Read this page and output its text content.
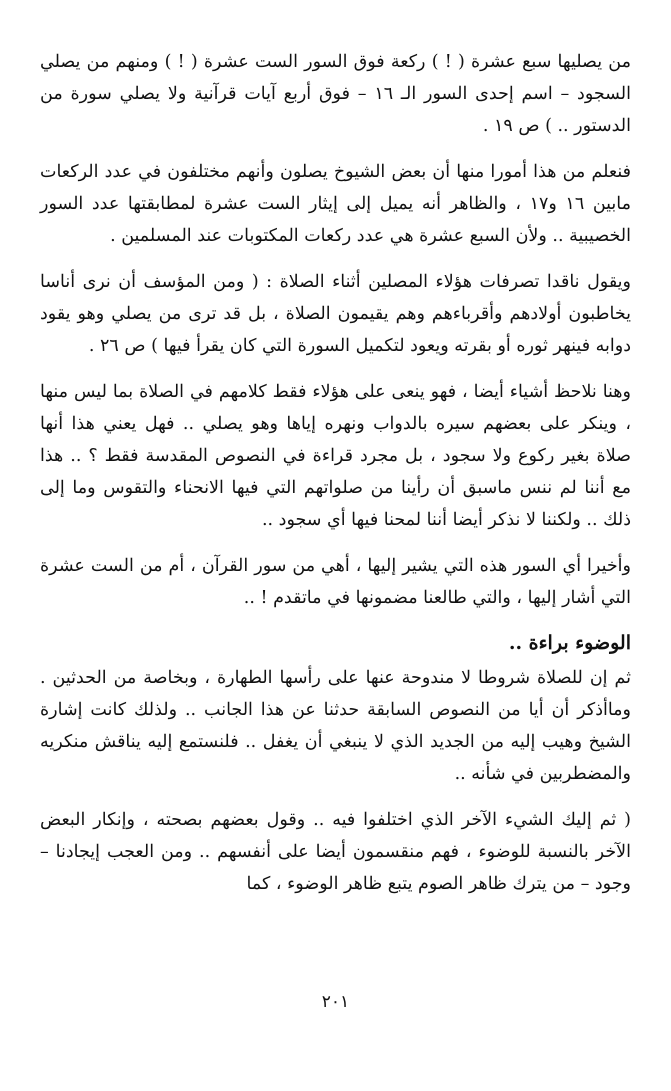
من يصليها سبع عشرة ( ! ) ركعة فوق السور الست عشرة ( ! ) ومنهم من يصلي السجود – اسم إحدى السور الـ ١٦ – فوق أربع آيات قرآنية ولا يصلي سورة من الدستور .. ) ص ١٩ .

فنعلم من هذا أمورا منها أن بعض الشيوخ يصلون وأنهم مختلفون في عدد الركعات مابين ١٦ و١٧ ، والظاهر أنه يميل إلى إيثار الست عشرة لمطابقتها عدد السور الخصيبية .. ولأن السبع عشرة هي عدد ركعات المكتوبات عند المسلمين .

ويقول ناقدا تصرفات هؤلاء المصلين أثناء الصلاة : ( ومن المؤسف أن نرى أناسا يخاطبون أولادهم وأقرباءهم وهم يقيمون الصلاة ، بل قد ترى من يصلي وهو يقود دوابه فينهر ثوره أو بقرته ويعود لتكميل السورة التي كان يقرأ فيها ) ص ٢٦ .

وهنا نلاحظ أشياء أيضا ، فهو ينعى على هؤلاء فقط كلامهم في الصلاة بما ليس منها ، وينكر على بعضهم سيره بالدواب ونهره إياها وهو يصلي .. فهل يعني هذا أنها صلاة بغير ركوع ولا سجود ، بل مجرد قراءة في النصوص المقدسة فقط ؟ .. هذا مع أننا لم ننس ماسبق أن رأينا من صلواتهم التي فيها الانحناء والتقوس وما إلى ذلك .. ولكننا لا نذكر أيضا أننا لمحنا فيها أي سجود ..

وأخيرا أي السور هذه التي يشير إليها ، أهي من سور القرآن ، أم من الست عشرة التي أشار إليها ، والتي طالعنا مضمونها في ماتقدم ! ..

الوضوء براءة ..

ثم إن للصلاة شروطا لا مندوحة عنها على رأسها الطهارة ، وبخاصة من الحدثين . وماأذكر أن أيا من النصوص السابقة حدثنا عن هذا الجانب .. ولذلك كانت إشارة الشيخ وهيب إليه من الجديد الذي لا ينبغي أن يغفل .. فلنستمع إليه يناقش منكريه والمضطربين في شأنه ..

( ثم إليك الشيء الآخر الذي اختلفوا فيه .. وقول بعضهم بصحته ، وإنكار البعض الآخر بالنسبة للوضوء ، فهم منقسمون أيضا على أنفسهم .. ومن العجب إيجادنا – وجود – من يترك ظاهر الصوم يتبع ظاهر الوضوء ، كما

٢٠١
